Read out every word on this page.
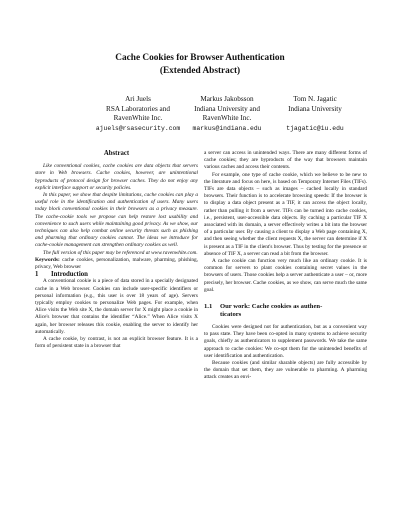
Cache Cookies for Browser Authentication
(Extended Abstract)
Ari Juels
RSA Laboratories and
RavenWhite Inc.
ajuels@rsasecurity.com
Markus Jakobsson
Indiana University and
RavenWhite Inc.
markus@indiana.edu
Tom N. Jagatic
Indiana University
tjagatic@iu.edu
Abstract

Like conventional cookies, cache cookies are data objects that servers store in Web browsers. Cache cookies, however, are unintentional byproducts of protocol design for browser caches. They do not enjoy any explicit interface support or security policies.

In this paper, we show that despite limitations, cache cookies can play a useful role in the identification and authentication of users. Many users today block conventional cookies in their browsers as a privacy measure. The cache-cookie tools we propose can help restore lost usability and convenience to such users while maintaining good privacy. As we show, our techniques can also help combat online security threats such as phishing and pharming that ordinary cookies cannot. The ideas we introduce for cache-cookie management can strengthen ordinary cookies as well.

The full version of this paper may be referenced at www.ravenwhite.com.

Keywords: cache cookies, personalization, malware, pharming, phishing, privacy, Web browser

1 Introduction

A conventional cookie is a piece of data stored in a specially designated cache in a Web browser. Cookies can include user-specific identifiers or personal information (e.g., this user is over 18 years of age). Servers typically employ cookies to personalize Web pages. For example, when Alice visits the Web site X, the domain server for X might place a cookie in Alice's browser that contains the identifier “Alice.” When Alice visits X again, her browser releases this cookie, enabling the server to identify her automatically.

A cache cookie, by contrast, is not an explicit browser feature. It is a form of persistent state in a browser that

a server can access in unintended ways. There are many different forms of cache cookies; they are byproducts of the way that browsers maintain various caches and access their contents.

For example, one type of cache cookie, which we believe to be new to the literature and focus on here, is based on Temporary Internet Files (TIFs). TIFs are data objects – such as images – cached locally in standard browsers. Their function is to accelerate browsing speeds: If the browser is to display a data object present as a TIF, it can access the object locally, rather than pulling it from a server. TIFs can be turned into cache cookies, i.e., persistent, user-accessible data objects. By caching a particular TIF X associated with its domain, a server effectively writes a bit into the browser of a particular user. By causing a client to display a Web page containing X, and then seeing whether the client requests X, the server can determine if X is present as a TIF in the client's browser. Thus by testing for the presence or absence of TIF X, a server can read a bit from the browser.

A cache cookie can function very much like an ordinary cookie. It is common for servers to plant cookies containing secret values in the browsers of users. Those cookies help a server authenticate a user – or, more precisely, her browser. Cache cookies, as we show, can serve much the same goal.

1.1 Our work: Cache cookies as authen-
ticators

Cookies were designed not for authentication, but as a convenient way to pass state. They have been co-opted in many systems to achieve security goals, chiefly as authenticators to supplement passwords. We take the same approach to cache cookies: We co-opt them for the unintended benefits of user identification and authentication.

Because cookies (and similar sharable objects) are fully accessible by the domain that set them, they are vulnerable to pharming. A pharming attack creates an envi-
